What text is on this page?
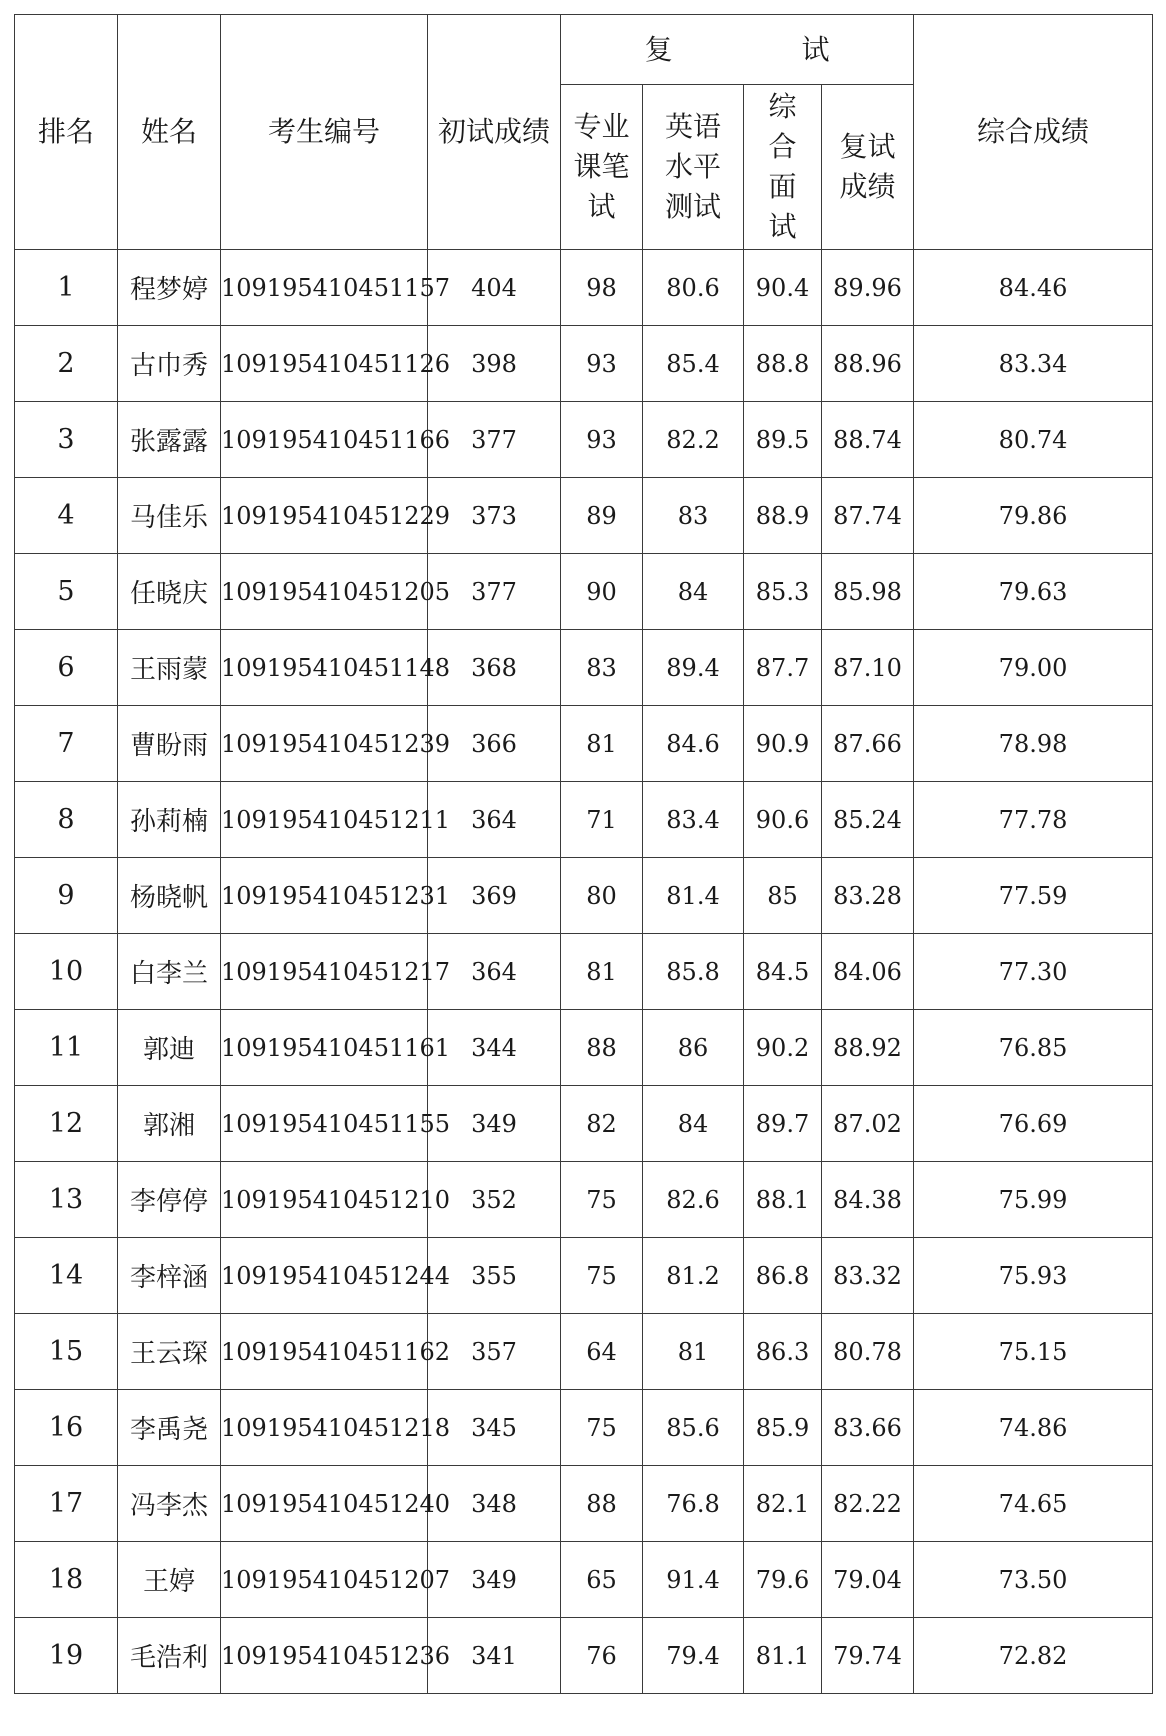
排名	姓名	考生编号	初试成绩	复 试				综合成绩
				专业课笔试	英语水平测试	综合面试	复试成绩	
1	程梦婷	109195410451157	404	98	80.6	90.4	89.96	84.46
2	古巾秀	109195410451126	398	93	85.4	88.8	88.96	83.34
3	张露露	109195410451166	377	93	82.2	89.5	88.74	80.74
4	马佳乐	109195410451229	373	89	83	88.9	87.74	79.86
5	任晓庆	109195410451205	377	90	84	85.3	85.98	79.63
6	王雨蒙	109195410451148	368	83	89.4	87.7	87.10	79.00
7	曹盼雨	109195410451239	366	81	84.6	90.9	87.66	78.98
8	孙莉楠	109195410451211	364	71	83.4	90.6	85.24	77.78
9	杨晓帆	109195410451231	369	80	81.4	85	83.28	77.59
10	白李兰	109195410451217	364	81	85.8	84.5	84.06	77.30
11	郭迪	109195410451161	344	88	86	90.2	88.92	76.85
12	郭湘	109195410451155	349	82	84	89.7	87.02	76.69
13	李停停	109195410451210	352	75	82.6	88.1	84.38	75.99
14	李梓涵	109195410451244	355	75	81.2	86.8	83.32	75.93
15	王云琛	109195410451162	357	64	81	86.3	80.78	75.15
16	李禹尧	109195410451218	345	75	85.6	85.9	83.66	74.86
17	冯李杰	109195410451240	348	88	76.8	82.1	82.22	74.65
18	王婷	109195410451207	349	65	91.4	79.6	79.04	73.50
19	毛浩利	109195410451236	341	76	79.4	81.1	79.74	72.82
